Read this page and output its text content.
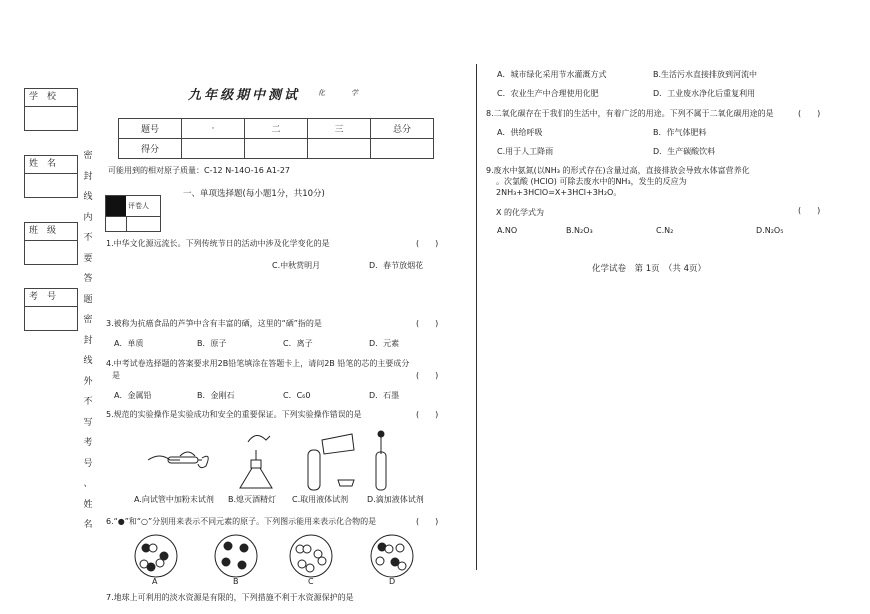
学　校
姓　名
班　级
考　号
密
封
线
内
不
要
答
题
密
封
线
外
不
写
考
号
、
姓
名
九年级期中测试	化学
题号	·	二	三	总分
得分				
可能用到的相对原子质量：C-12 N-14O-16 A1-27
一、单项选择题(每小题1分，共10分)
评卷人
1.中华文化源远流长。下列传统节日的活动中涉及化学变化的是	(　　)
C.中秋赏明月	D．春节放烟花
3.被称为抗癌食品的芦笋中含有丰富的硒，这里的“硒”指的是	(　　)
A．单质	B．原子	C．离子	D．元素
4.中考试卷选择题的答案要求用2B铅笔填涂在答题卡上，请问2B 铅笔的芯的主要成分
是	(　　)
A．金属铅	B．金刚石	C．C₆0	D．石墨
5.规范的实验操作是实验成功和安全的重要保证。下列实验操作错误的是	(　　)
A.向试管中加粉末试剂 B.熄灭酒精灯 C.取用液体试剂 D.滴加液体试剂
6.“●”和“○”分别用来表示不同元素的原子。下列图示能用来表示化合物的是	(　　)
A	B	C	D
7.地球上可利用的淡水资源是有限的，下列措施不利于水资源保护的是
A．城市绿化采用节水灌溉方式	B.生活污水直接排放到河流中
C．农业生产中合理使用化肥	D．工业废水净化后重复利用
8.二氧化碳存在于我们的生活中，有着广泛的用途。下列不属于二氧化碳用途的是	(　　)
A．供给呼吸	B．作气体肥料
C.用于人工降雨	D．生产碳酸饮料
9.废水中氨氮(以NH₃ 的形式存在)含量过高，直接排放会导致水体富营养化
。次氯酸 (HClO) 可除去废水中的NH₃，发生的反应为
2NH₃+3HClO=X+3HCl+3H₂O。
X 的化学式为	(　　)
A.NO	B.N₂O₃	C.N₂	D.N₂O₅
化学试卷　第 1页　（共 4页）
